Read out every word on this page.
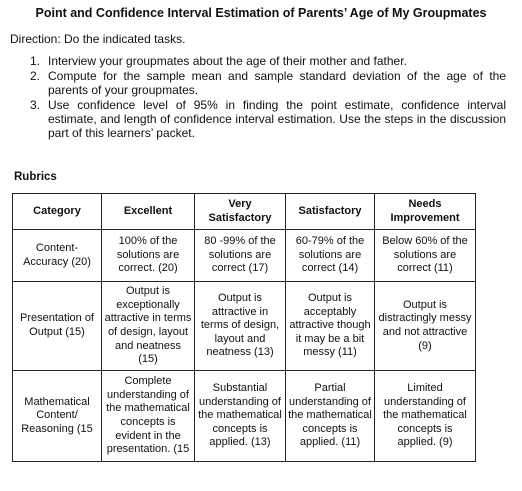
Point and Confidence Interval Estimation of Parents’ Age of My Groupmates
Direction: Do the indicated tasks.
1. Interview your groupmates about the age of their mother and father.
2. Compute for the sample mean and sample standard deviation of the age of the parents of your groupmates.
3. Use confidence level of 95% in finding the point estimate, confidence interval estimate, and length of confidence interval estimation. Use the steps in the discussion part of this learners’ packet.
Rubrics
Category	Excellent	Very Satisfactory	Satisfactory	Needs Improvement
Content-Accuracy (20)	100% of the solutions are correct. (20)	80 -99% of the solutions are correct (17)	60-79% of the solutions are correct (14)	Below 60% of the solutions are correct (11)
Presentation of Output (15)	Output is exceptionally attractive in terms of design, layout and neatness (15)	Output is attractive in terms of design, layout and neatness (13)	Output is acceptably attractive though it may be a bit messy (11)	Output is distractingly messy and not attractive (9)
Mathematical Content/ Reasoning (15	Complete understanding of the mathematical concepts is evident in the presentation. (15	Substantial understanding of the mathematical concepts is applied. (13)	Partial understanding of the mathematical concepts is applied. (11)	Limited understanding of the mathematical concepts is applied. (9)
